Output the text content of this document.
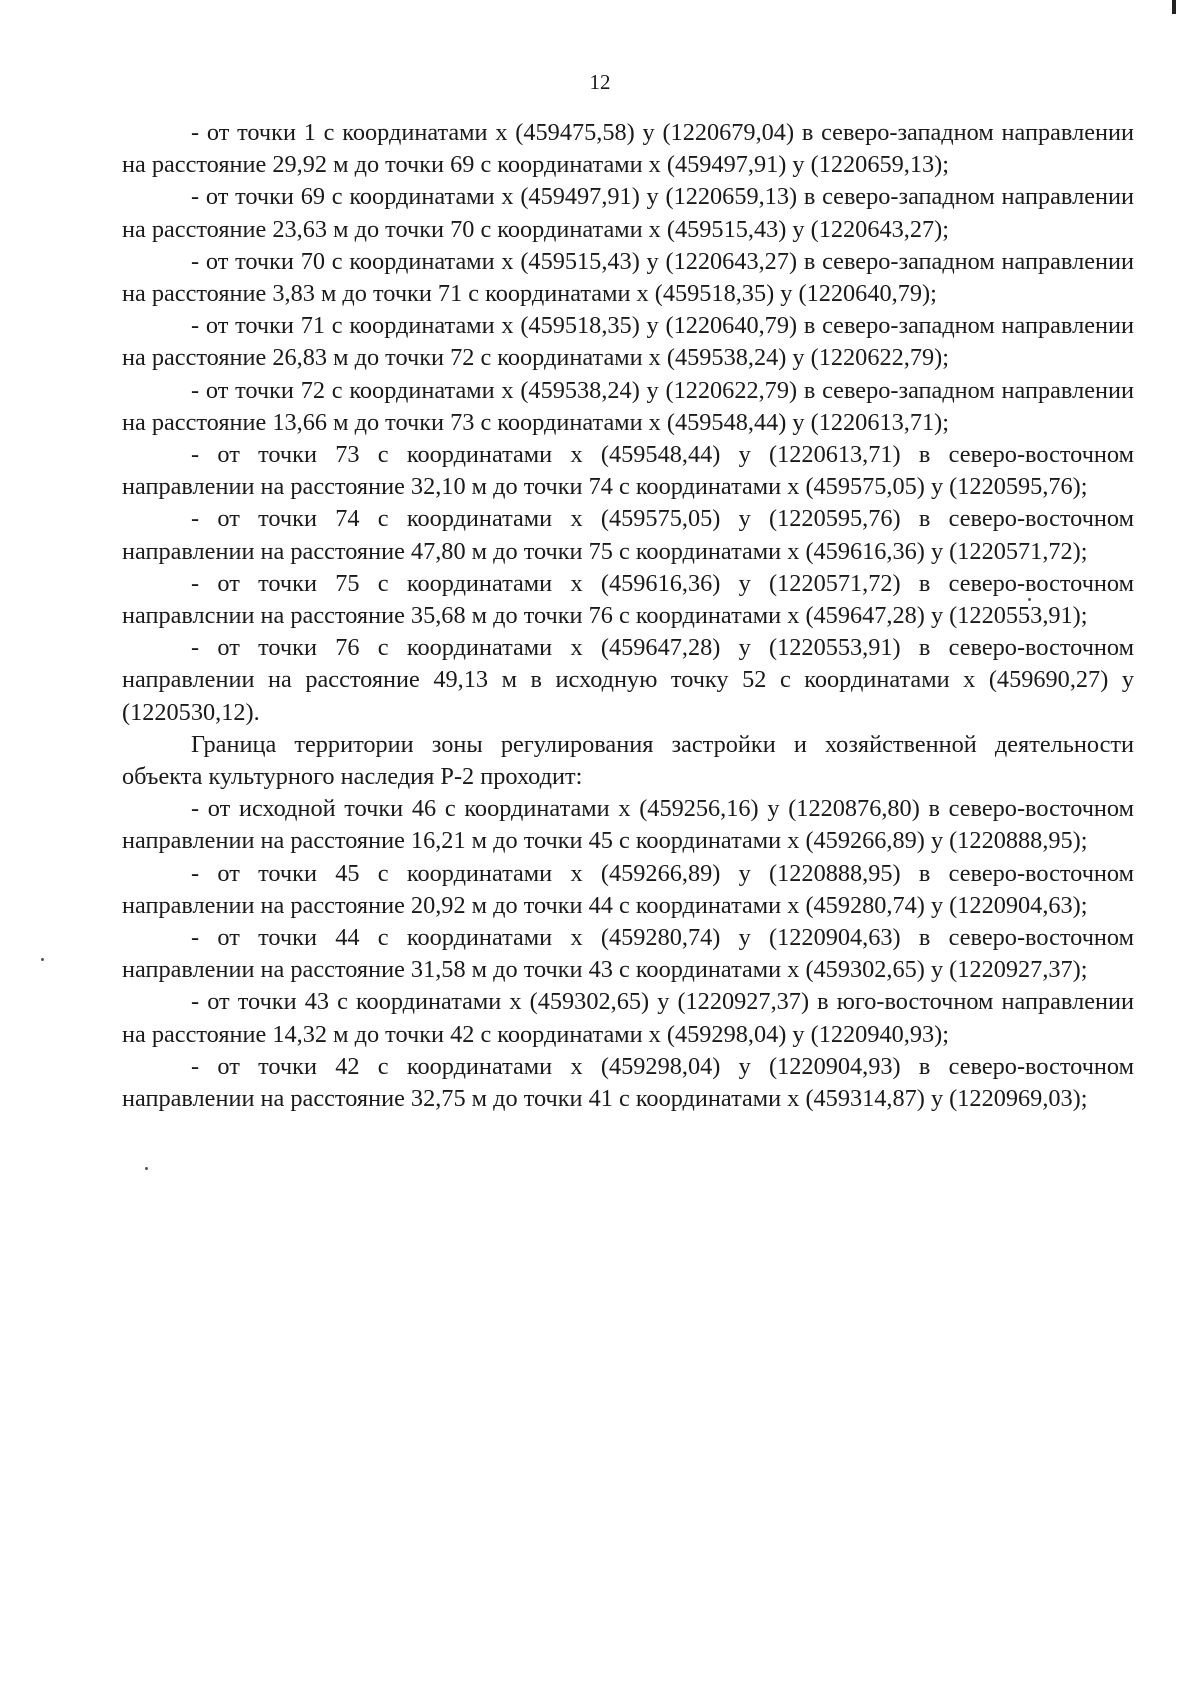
12

- от точки 1 с координатами х (459475,58) у (1220679,04) в северо-западном направлении на расстояние 29,92 м до точки 69 с координатами х (459497,91) у (1220659,13);

- от точки 69 с координатами х (459497,91) у (1220659,13) в северо-западном направлении на расстояние 23,63 м до точки 70 с координатами х (459515,43) у (1220643,27);

- от точки 70 с координатами х (459515,43) у (1220643,27) в северо-западном направлении на расстояние 3,83 м до точки 71 с координатами х (459518,35) у (1220640,79);

- от точки 71 с координатами х (459518,35) у (1220640,79) в северо-западном направлении на расстояние 26,83 м до точки 72 с координатами х (459538,24) у (1220622,79);

- от точки 72 с координатами х (459538,24) у (1220622,79) в северо-западном направлении на расстояние 13,66 м до точки 73 с координатами х (459548,44) у (1220613,71);

- от точки 73 с координатами х (459548,44) у (1220613,71) в северо-восточном направлении на расстояние 32,10 м до точки 74 с координатами х (459575,05) у (1220595,76);

- от точки 74 с координатами х (459575,05) у (1220595,76) в северо-восточном направлении на расстояние 47,80 м до точки 75 с координатами х (459616,36) у (1220571,72);

- от точки 75 с координатами х (459616,36) у (1220571,72) в северо-восточном направлснии на расстояние 35,68 м до точки 76 с координатами х (459647,28) у (1220553,91);

- от точки 76 с координатами х (459647,28) у (1220553,91) в северо-восточном направлении на расстояние 49,13 м в исходную точку 52 с координатами х (459690,27) у (1220530,12).

Граница территории зоны регулирования застройки и хозяйственной деятельности объекта культурного наследия Р-2 проходит:

- от исходной точки 46 с координатами х (459256,16) у (1220876,80) в северо-восточном направлении на расстояние 16,21 м до точки 45 с координатами х (459266,89) у (1220888,95);

- от точки 45 с координатами х (459266,89) у (1220888,95) в северо-восточном направлении на расстояние 20,92 м до точки 44 с координатами х (459280,74) у (1220904,63);

- от точки 44 с координатами х (459280,74) у (1220904,63) в северо-восточном направлении на расстояние 31,58 м до точки 43 с координатами х (459302,65) у (1220927,37);

- от точки 43 с координатами х (459302,65) у (1220927,37) в юго-восточном направлении на расстояние 14,32 м до точки 42 с координатами х (459298,04) у (1220940,93);

- от точки 42 с координатами х (459298,04) у (1220904,93) в северо-восточном направлении на расстояние 32,75 м до точки 41 с координатами х (459314,87) у (1220969,03);
